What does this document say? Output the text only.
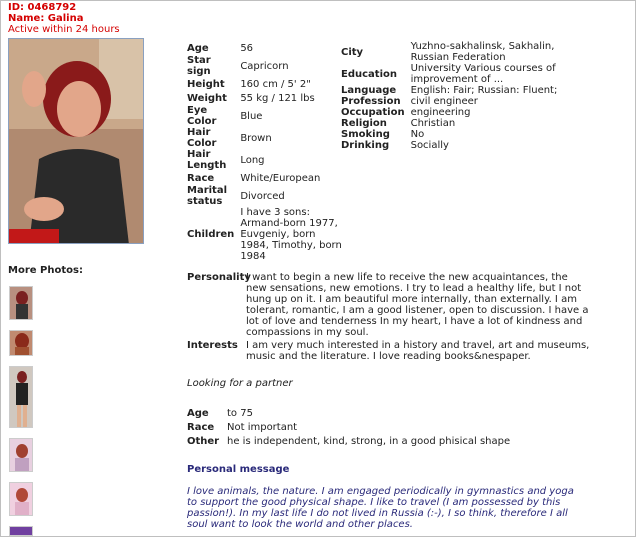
ID: 0468792
Name: Galina
Active within 24 hours
More Photos:
Age	56
Star sign	Capricorn
Height	160 cm / 5' 2"
Weight	55 kg / 121 lbs
Eye Color	Blue
Hair Color	Brown
Hair Length	Long
Race	White/European
Marital status	Divorced
Children	I have 3 sons: Armand-born 1977, Euvgeniy, born 1984, Timothy, born 1984
City	Yuzhno-sakhalinsk, Sakhalin, Russian Federation
Education	University Various courses of improvement of ...
Language	English: Fair; Russian: Fluent;
Profession	civil engineer
Occupation	engineering
Religion	Christian
Smoking	No
Drinking	Socially
Personality
I want to begin a new life to receive the new acquaintances, the new sensations, new emotions. I try to lead a healthy life, but I not hung up on it. I am beautiful more internally, than externally. I am tolerant, romantic, I am a good listener, open to discussion. I have a lot of love and tenderness In my heart, I have a lot of kindness and compassions in my soul.
Interests I am very much interested in a history and travel, art and museums, music and the literature. I love reading books&nespaper.
Looking for a partner
Age	to 75
Race	Not important
Other	he is independent, kind, strong, in a good phisical shape
Personal message
I love animals, the nature. I am engaged periodically in gymnastics and yoga to support the good physical shape. I like to travel (I am possessed by this passion!). In my last life I do not lived in Russia (:-), I so think, therefore I all soul want to look the world and other places.
